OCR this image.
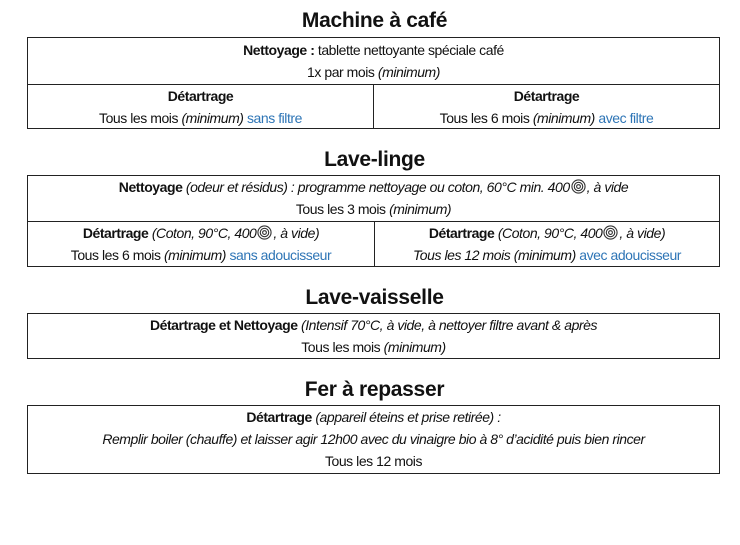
Machine à café
Nettoyage : tablette nettoyante spéciale café
1x par mois (minimum)
Détartrage
Tous les mois (minimum) sans filtre
Détartrage
Tous les 6 mois (minimum) avec filtre
Lave-linge
Nettoyage (odeur et résidus) : programme nettoyage ou coton, 60°C min. 400 , à vide
Tous les 3 mois (minimum)
Détartrage (Coton, 90°C, 400 , à vide)
Tous les 6 mois (minimum) sans adoucisseur
Détartrage (Coton, 90°C, 400 , à vide)
Tous les 12 mois (minimum) avec adoucisseur
Lave-vaisselle
Détartrage et Nettoyage (Intensif 70°C, à vide, à nettoyer filtre avant & après
Tous les mois (minimum)
Fer à repasser
Détartrage (appareil éteins et prise retirée) :
Remplir boiler (chauffe) et laisser agir 12h00 avec du vinaigre bio à 8° d’acidité puis bien rincer
Tous les 12 mois
